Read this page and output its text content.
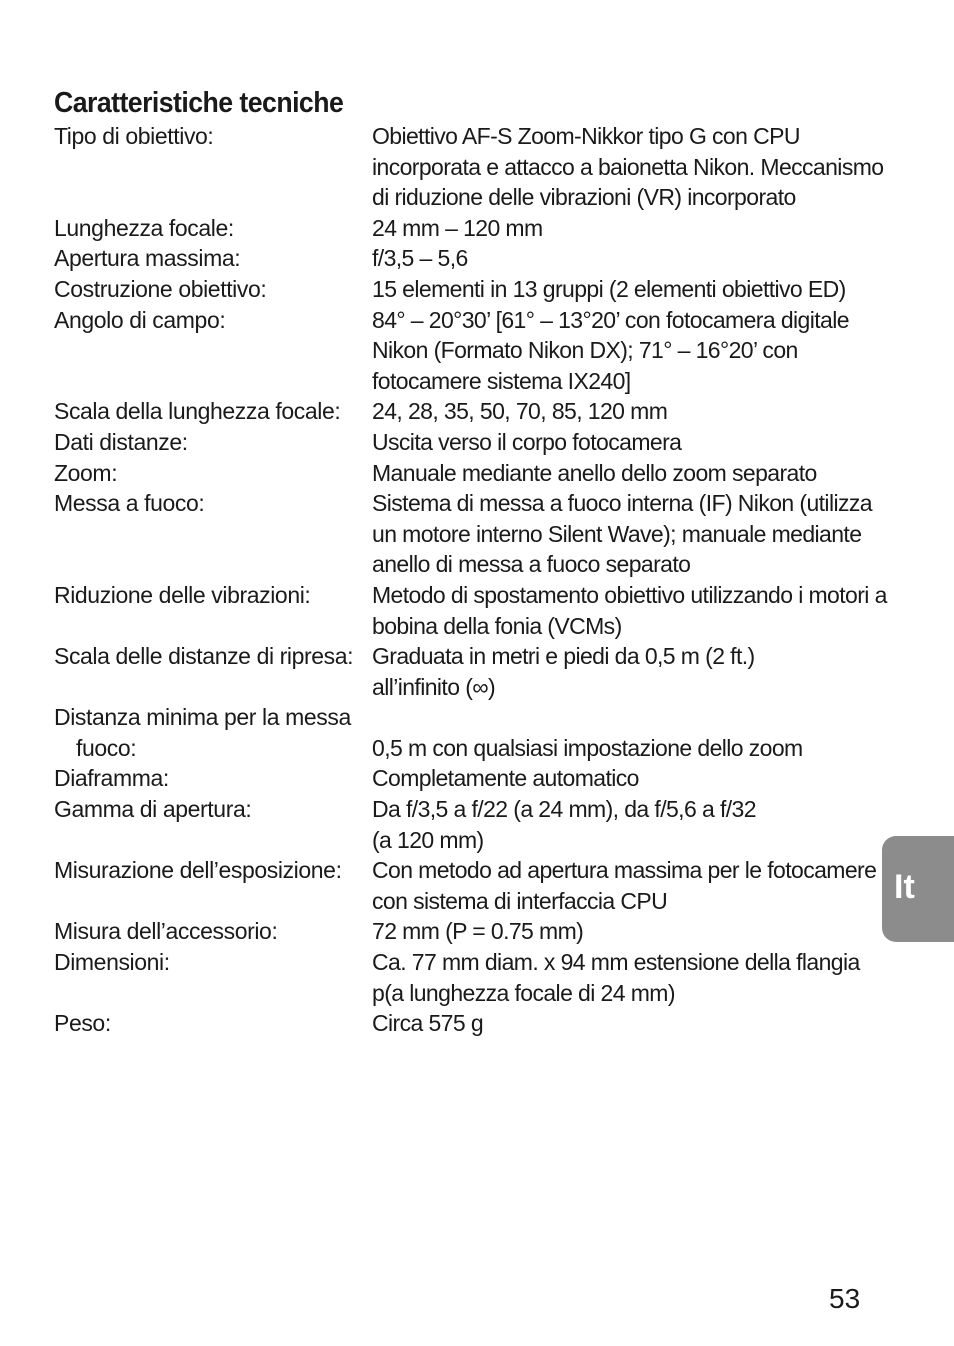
Caratteristiche tecniche
Tipo di obiettivo:	Obiettivo AF-S Zoom-Nikkor tipo G con CPU
incorporata e attacco a baionetta Nikon. Meccanismo
di riduzione delle vibrazioni (VR) incorporato
Lunghezza focale:	24 mm – 120 mm
Apertura massima:	f/3,5 – 5,6
Costruzione obiettivo:	15 elementi in 13 gruppi (2 elementi obiettivo ED)
Angolo di campo:	84° – 20°30’ [61° – 13°20’ con fotocamera digitale
Nikon (Formato Nikon DX); 71° – 16°20’ con
fotocamere sistema IX240]
Scala della lunghezza focale:	24, 28, 35, 50, 70, 85, 120 mm
Dati distanze:	Uscita verso il corpo fotocamera
Zoom:	Manuale mediante anello dello zoom separato
Messa a fuoco:	Sistema di messa a fuoco interna (IF) Nikon (utilizza
un motore interno Silent Wave); manuale mediante
anello di messa a fuoco separato
Riduzione delle vibrazioni:	Metodo di spostamento obiettivo utilizzando i motori a
bobina della fonia (VCMs)
Scala delle distanze di ripresa: Graduata in metri e piedi da 0,5 m (2 ft.)
all’infinito (∞)
Distanza minima per la messa
fuoco:	0,5 m con qualsiasi impostazione dello zoom
Diaframma:	Completamente automatico
Gamma di apertura:	Da f/3,5 a f/22 (a 24 mm), da f/5,6 a f/32
(a 120 mm)
Misurazione dell’esposizione:	Con metodo ad apertura massima per le fotocamere
con sistema di interfaccia CPU
Misura dell’accessorio:	72 mm (P = 0.75 mm)
Dimensioni:	Ca. 77 mm diam. x 94 mm estensione della flangia
p(a lunghezza focale di 24 mm)
Peso:	Circa 575 g
It
53
